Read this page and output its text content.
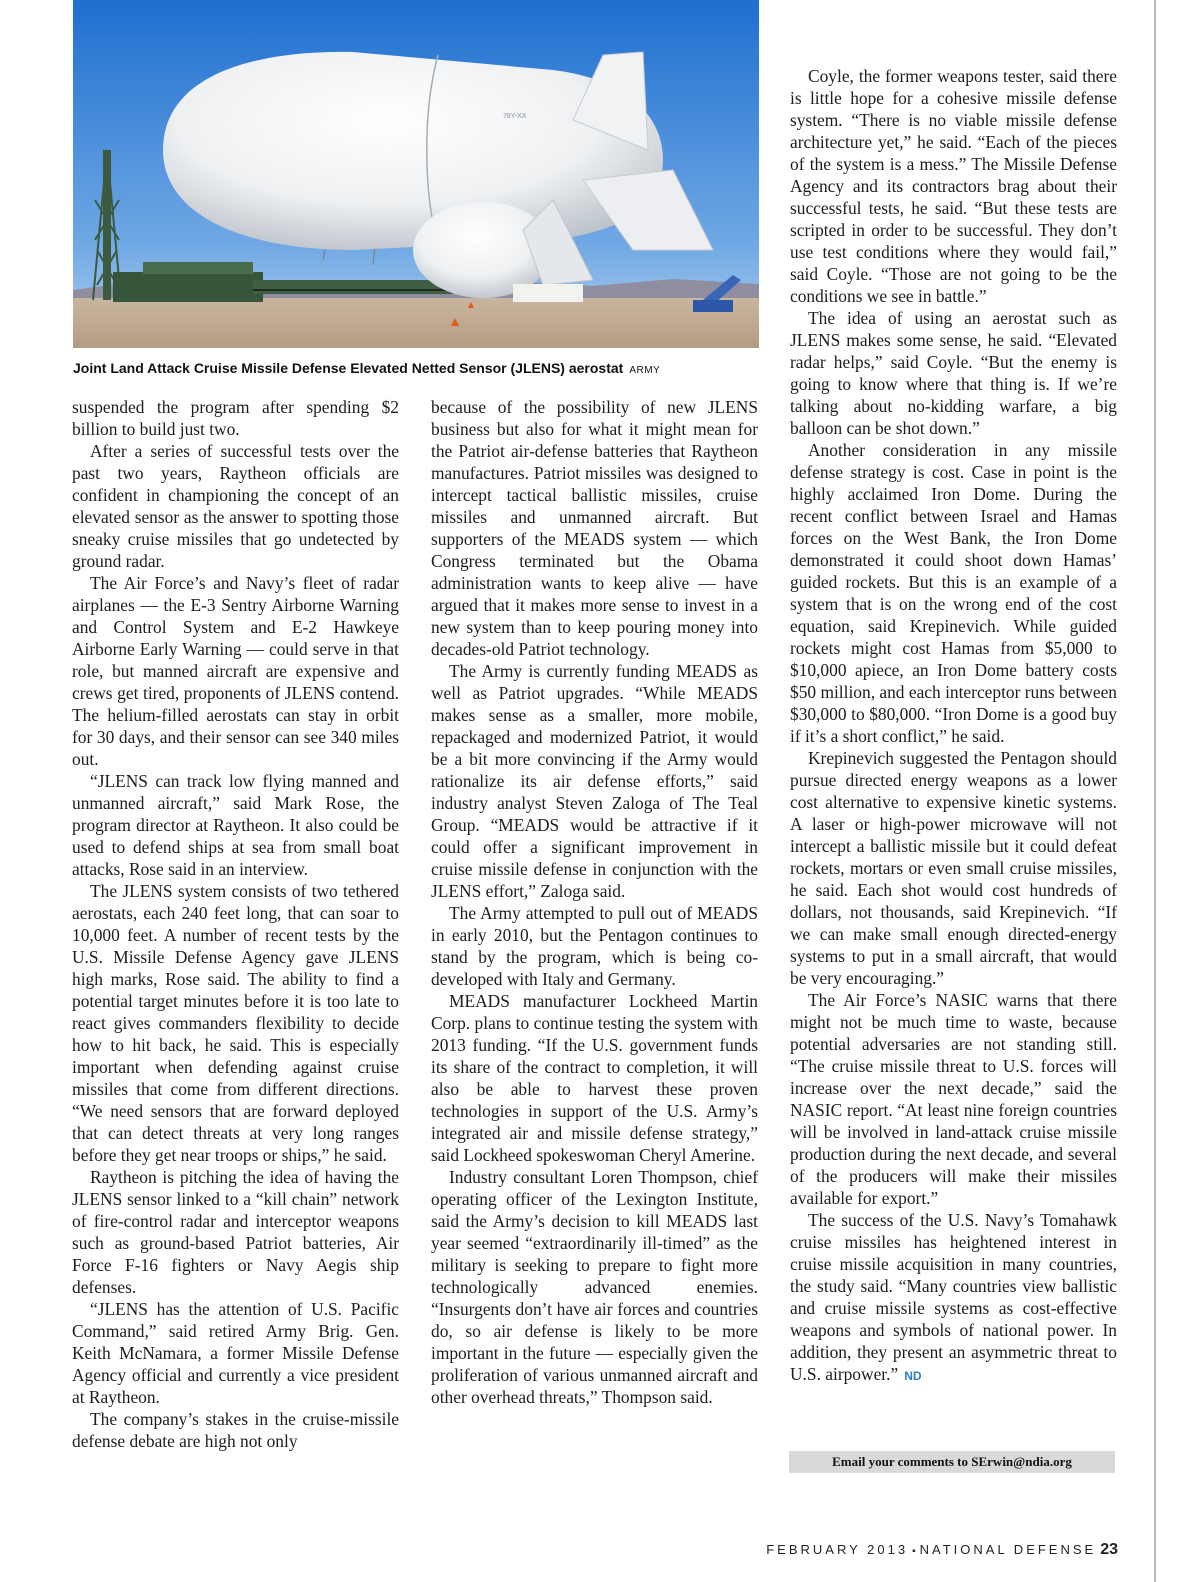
78Y-XX
Joint Land Attack Cruise Missile Defense Elevated Netted Sensor (JLENS) aerostat ARMY

suspended the program after spending $2 billion to build just two.

After a series of successful tests over the past two years, Raytheon officials are confident in championing the concept of an elevated sensor as the answer to spotting those sneaky cruise missiles that go undetected by ground radar.

The Air Force’s and Navy’s fleet of radar airplanes — the E-3 Sentry Airborne Warning and Control System and E-2 Hawkeye Airborne Early Warning — could serve in that role, but manned aircraft are expensive and crews get tired, proponents of JLENS contend. The helium-filled aerostats can stay in orbit for 30 days, and their sensor can see 340 miles out.

“JLENS can track low flying manned and unmanned aircraft,” said Mark Rose, the program director at Raytheon. It also could be used to defend ships at sea from small boat attacks, Rose said in an interview.

The JLENS system consists of two tethered aerostats, each 240 feet long, that can soar to 10,000 feet. A number of recent tests by the U.S. Missile Defense Agency gave JLENS high marks, Rose said. The ability to find a potential target minutes before it is too late to react gives commanders flexibility to decide how to hit back, he said. This is especially important when defending against cruise missiles that come from different directions. “We need sensors that are forward deployed that can detect threats at very long ranges before they get near troops or ships,” he said.

Raytheon is pitching the idea of having the JLENS sensor linked to a “kill chain” network of fire-control radar and interceptor weapons such as ground-based Patriot batteries, Air Force F-16 fighters or Navy Aegis ship defenses.

“JLENS has the attention of U.S. Pacific Command,” said retired Army Brig. Gen. Keith McNamara, a former Missile Defense Agency official and currently a vice president at Raytheon.

The company’s stakes in the cruise-missile defense debate are high not only

because of the possibility of new JLENS business but also for what it might mean for the Patriot air-defense batteries that Raytheon manufactures. Patriot missiles was designed to intercept tactical ballistic missiles, cruise missiles and unmanned aircraft. But supporters of the MEADS system — which Congress terminated but the Obama administration wants to keep alive — have argued that it makes more sense to invest in a new system than to keep pouring money into decades-old Patriot technology.

The Army is currently funding MEADS as well as Patriot upgrades. “While MEADS makes sense as a smaller, more mobile, repackaged and modernized Patriot, it would be a bit more convincing if the Army would rationalize its air defense efforts,” said industry analyst Steven Zaloga of The Teal Group. “MEADS would be attractive if it could offer a significant improvement in cruise missile defense in conjunction with the JLENS effort,” Zaloga said.

The Army attempted to pull out of MEADS in early 2010, but the Pentagon continues to stand by the program, which is being co-developed with Italy and Germany.

MEADS manufacturer Lockheed Martin Corp. plans to continue testing the system with 2013 funding. “If the U.S. government funds its share of the contract to completion, it will also be able to harvest these proven technologies in support of the U.S. Army’s integrated air and missile defense strategy,” said Lockheed spokeswoman Cheryl Amerine.

Industry consultant Loren Thompson, chief operating officer of the Lexington Institute, said the Army’s decision to kill MEADS last year seemed “extraordinarily ill-timed” as the military is seeking to prepare to fight more technologically advanced enemies. “Insurgents don’t have air forces and countries do, so air defense is likely to be more important in the future — especially given the proliferation of various unmanned aircraft and other overhead threats,” Thompson said.

Coyle, the former weapons tester, said there is little hope for a cohesive missile defense system. “There is no viable missile defense architecture yet,” he said. “Each of the pieces of the system is a mess.” The Missile Defense Agency and its contractors brag about their successful tests, he said. “But these tests are scripted in order to be successful. They don’t use test conditions where they would fail,” said Coyle. “Those are not going to be the conditions we see in battle.”

The idea of using an aerostat such as JLENS makes some sense, he said. “Elevated radar helps,” said Coyle. “But the enemy is going to know where that thing is. If we’re talking about no-kidding warfare, a big balloon can be shot down.”

Another consideration in any missile defense strategy is cost. Case in point is the highly acclaimed Iron Dome. During the recent conflict between Israel and Hamas forces on the West Bank, the Iron Dome demonstrated it could shoot down Hamas’ guided rockets. But this is an example of a system that is on the wrong end of the cost equation, said Krepinevich. While guided rockets might cost Hamas from $5,000 to $10,000 apiece, an Iron Dome battery costs $50 million, and each interceptor runs between $30,000 to $80,000. “Iron Dome is a good buy if it’s a short conflict,” he said.

Krepinevich suggested the Pentagon should pursue directed energy weapons as a lower cost alternative to expensive kinetic systems. A laser or high-power microwave will not intercept a ballistic missile but it could defeat rockets, mortars or even small cruise missiles, he said. Each shot would cost hundreds of dollars, not thousands, said Krepinevich. “If we can make small enough directed-energy systems to put in a small aircraft, that would be very encouraging.”

The Air Force’s NASIC warns that there might not be much time to waste, because potential adversaries are not standing still. “The cruise missile threat to U.S. forces will increase over the next decade,” said the NASIC report. “At least nine foreign countries will be involved in land-attack cruise missile production during the next decade, and several of the producers will make their missiles available for export.”

The success of the U.S. Navy’s Tomahawk cruise missiles has heightened interest in cruise missile acquisition in many countries, the study said. “Many countries view ballistic and cruise missile systems as cost-effective weapons and symbols of national power. In addition, they present an asymmetric threat to U.S. airpower.” ND

Email your comments to SErwin@ndia.org
FEBRUARY 2013 ▪ NATIONAL DEFENSE 23
